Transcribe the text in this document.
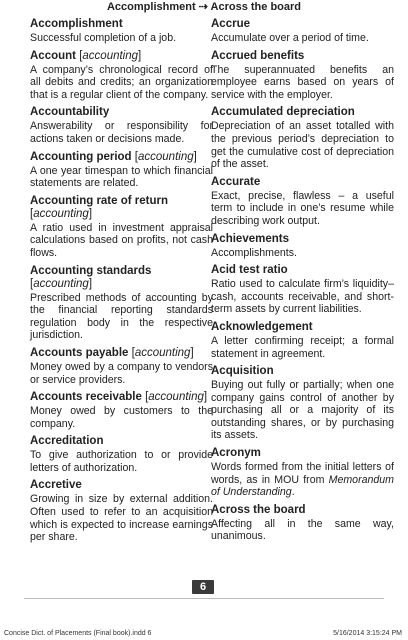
Accomplishment ⇢ Across the board
Accomplishment
Successful completion of a job.
Account [accounting]
A company’s chronological record of all debits and credits; an organization that is a regular client of the company.
Accountability
Answerability or responsibility for actions taken or decisions made.
Accounting period [accounting]
A one year timespan to which financial statements are related.
Accounting rate of return [accounting]
A ratio used in investment appraisal calculations based on profits, not cash flows.
Accounting standards [accounting]
Prescribed methods of accounting by the financial reporting standards regulation body in the respective jurisdiction.
Accounts payable [accounting]
Money owed by a company to vendors or service providers.
Accounts receivable [accounting]
Money owed by customers to the company.
Accreditation
To give authorization to or provide letters of authorization.
Accretive
Growing in size by external addition. Often used to refer to an acquisition which is expected to increase earnings per share.
Accrue
Accumulate over a period of time.
Accrued benefits
The superannuated benefits an employee earns based on years of service with the employer.
Accumulated depreciation
Depreciation of an asset totalled with the previous period’s depreciation to get the cumulative cost of depreciation of the asset.
Accurate
Exact, precise, flawless – a useful term to include in one’s resume while describing work output.
Achievements
Accomplishments.
Acid test ratio
Ratio used to calculate firm’s liquidity–cash, accounts receivable, and short-term assets by current liabilities.
Acknowledgement
A letter confirming receipt; a formal statement in agreement.
Acquisition
Buying out fully or partially; when one company gains control of another by purchasing all or a majority of its outstanding shares, or by purchasing its assets.
Acronym
Words formed from the initial letters of words, as in MOU from Memorandum of Understanding.
Across the board
Affecting all in the same way, unanimous.
6
Concise Dict. of Placements (Final book).indd 6	5/16/2014 3:15:24 PM
